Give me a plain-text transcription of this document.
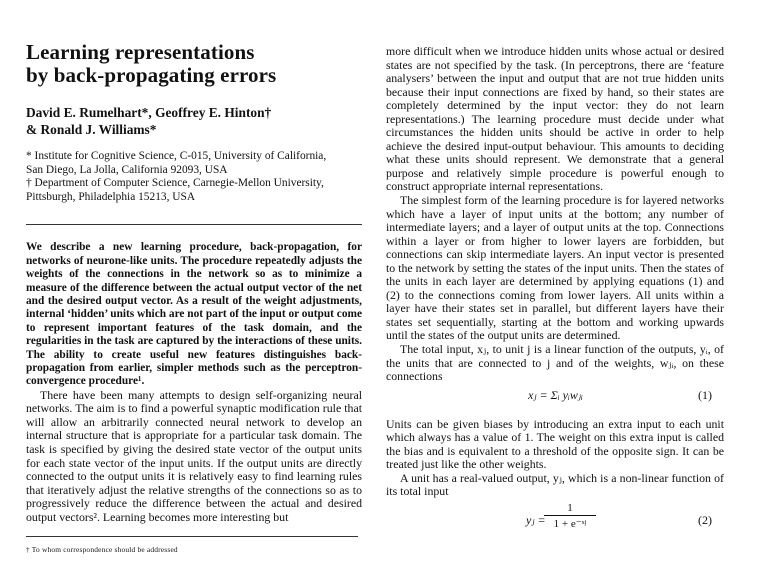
Learning representations
by back-propagating errors
David E. Rumelhart*, Geoffrey E. Hinton†
& Ronald J. Williams*
* Institute for Cognitive Science, C-015, University of California,
San Diego, La Jolla, California 92093, USA
† Department of Computer Science, Carnegie-Mellon University,
Pittsburgh, Philadelphia 15213, USA
We describe a new learning procedure, back-propagation, for networks of neurone-like units. The procedure repeatedly adjusts the weights of the connections in the network so as to minimize a measure of the difference between the actual output vector of the net and the desired output vector. As a result of the weight adjustments, internal ‘hidden’ units which are not part of the input or output come to represent important features of the task domain, and the regularities in the task are captured by the interactions of these units. The ability to create useful new features distinguishes back-propagation from earlier, simpler methods such as the perceptron-convergence procedure¹.
There have been many attempts to design self-organizing neural networks. The aim is to find a powerful synaptic modification rule that will allow an arbitrarily connected neural network to develop an internal structure that is appropriate for a particular task domain. The task is specified by giving the desired state vector of the output units for each state vector of the input units. If the output units are directly connected to the output units it is relatively easy to find learning rules that iteratively adjust the relative strengths of the connections so as to progressively reduce the difference between the actual and desired output vectors². Learning becomes more interesting but
† To whom correspondence should be addressed
more difficult when we introduce hidden units whose actual or desired states are not specified by the task. (In perceptrons, there are ‘feature analysers’ between the input and output that are not true hidden units because their input connections are fixed by hand, so their states are completely determined by the input vector: they do not learn representations.) The learning procedure must decide under what circumstances the hidden units should be active in order to help achieve the desired input-output behaviour. This amounts to deciding what these units should represent. We demonstrate that a general purpose and relatively simple procedure is powerful enough to construct appropriate internal representations.
The simplest form of the learning procedure is for layered networks which have a layer of input units at the bottom; any number of intermediate layers; and a layer of output units at the top. Connections within a layer or from higher to lower layers are forbidden, but connections can skip intermediate layers. An input vector is presented to the network by setting the states of the input units. Then the states of the units in each layer are determined by applying equations (1) and (2) to the connections coming from lower layers. All units within a layer have their states set in parallel, but different layers have their states set sequentially, starting at the bottom and working upwards until the states of the output units are determined.
The total input, xⱼ, to unit j is a linear function of the outputs, yᵢ, of the units that are connected to j and of the weights, wⱼᵢ, on these connections
xⱼ = Σᵢ yᵢwⱼᵢ	(1)
Units can be given biases by introducing an extra input to each unit which always has a value of 1. The weight on this extra input is called the bias and is equivalent to a threshold of the opposite sign. It can be treated just like the other weights.
A unit has a real-valued output, yⱼ, which is a non-linear function of its total input
yⱼ =
1
1 + e⁻ˣʲ	(2)
